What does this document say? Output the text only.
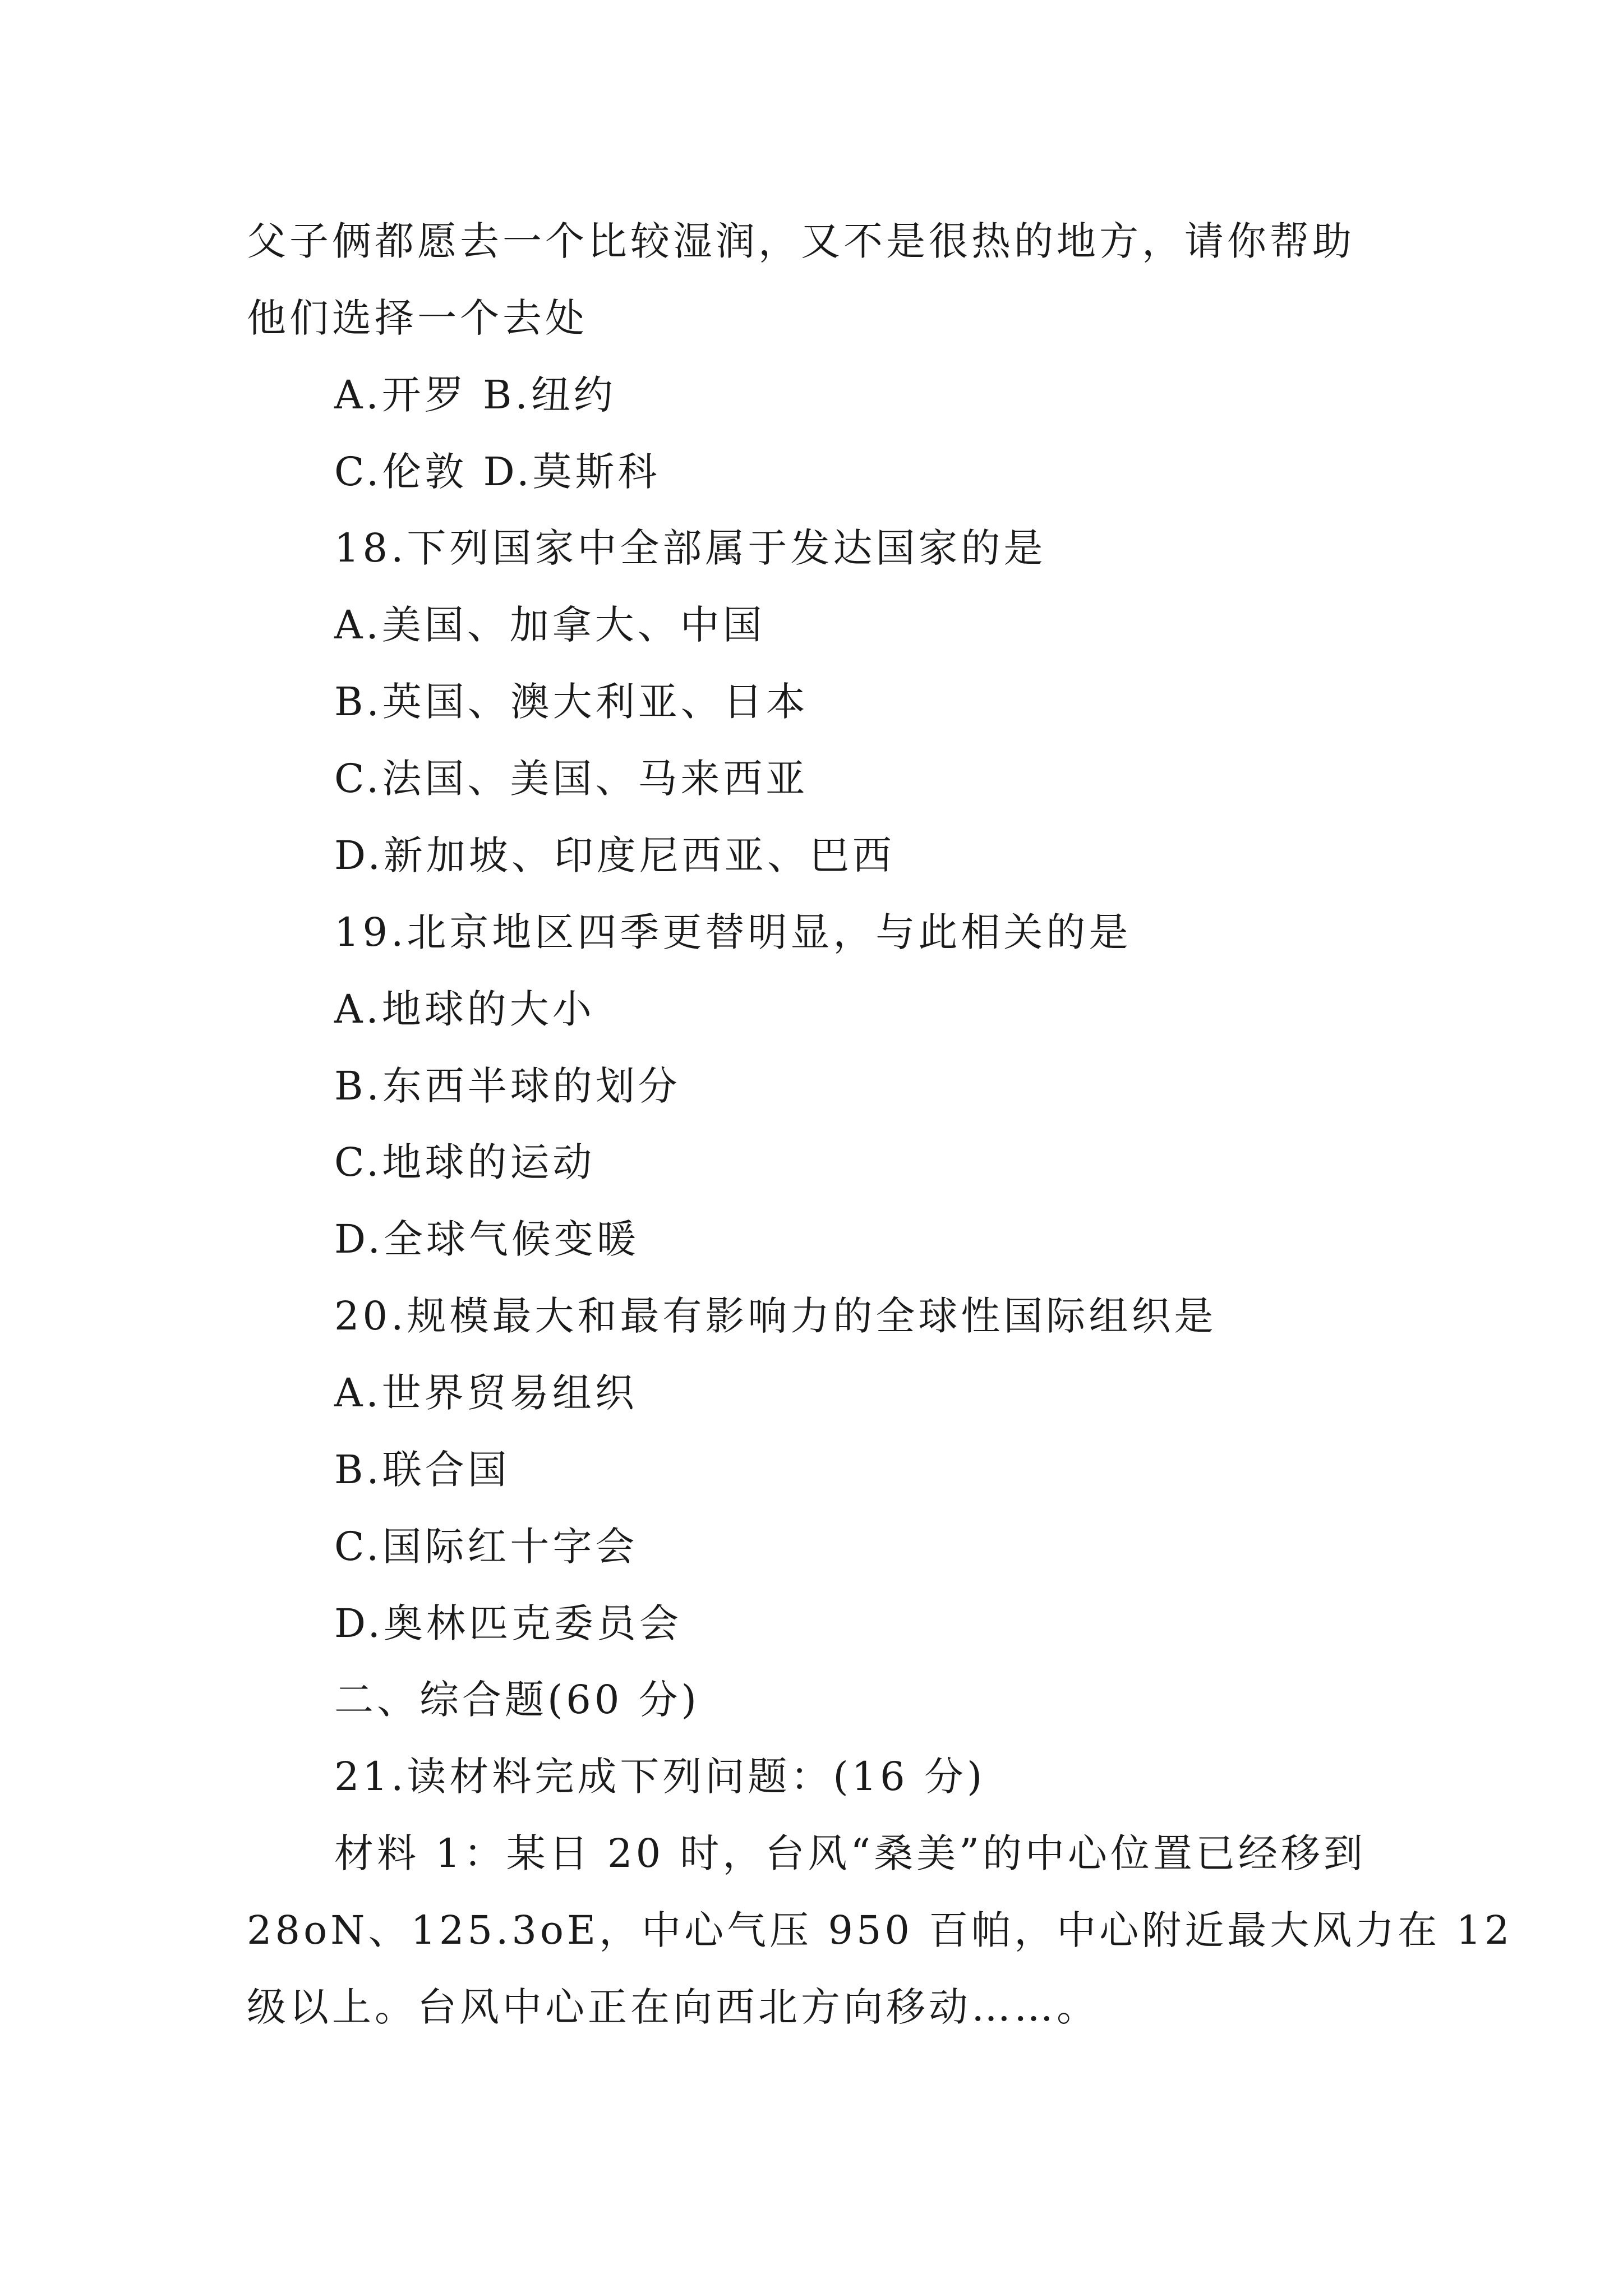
父子俩都愿去一个比较湿润，又不是很热的地方，请你帮助
他们选择一个去处
A.开罗 B.纽约
C.伦敦 D.莫斯科
18.下列国家中全部属于发达国家的是
A.美国、加拿大、中国
B.英国、澳大利亚、日本
C.法国、美国、马来西亚
D.新加坡、印度尼西亚、巴西
19.北京地区四季更替明显，与此相关的是
A.地球的大小
B.东西半球的划分
C.地球的运动
D.全球气候变暖
20.规模最大和最有影响力的全球性国际组织是
A.世界贸易组织
B.联合国
C.国际红十字会
D.奥林匹克委员会
二、综合题(60 分)
21.读材料完成下列问题：(16 分)
材料 1：某日 20 时，台风“桑美”的中心位置已经移到
28oN、125.3oE，中心气压 950 百帕，中心附近最大风力在 12
级以上。台风中心正在向西北方向移动……。
